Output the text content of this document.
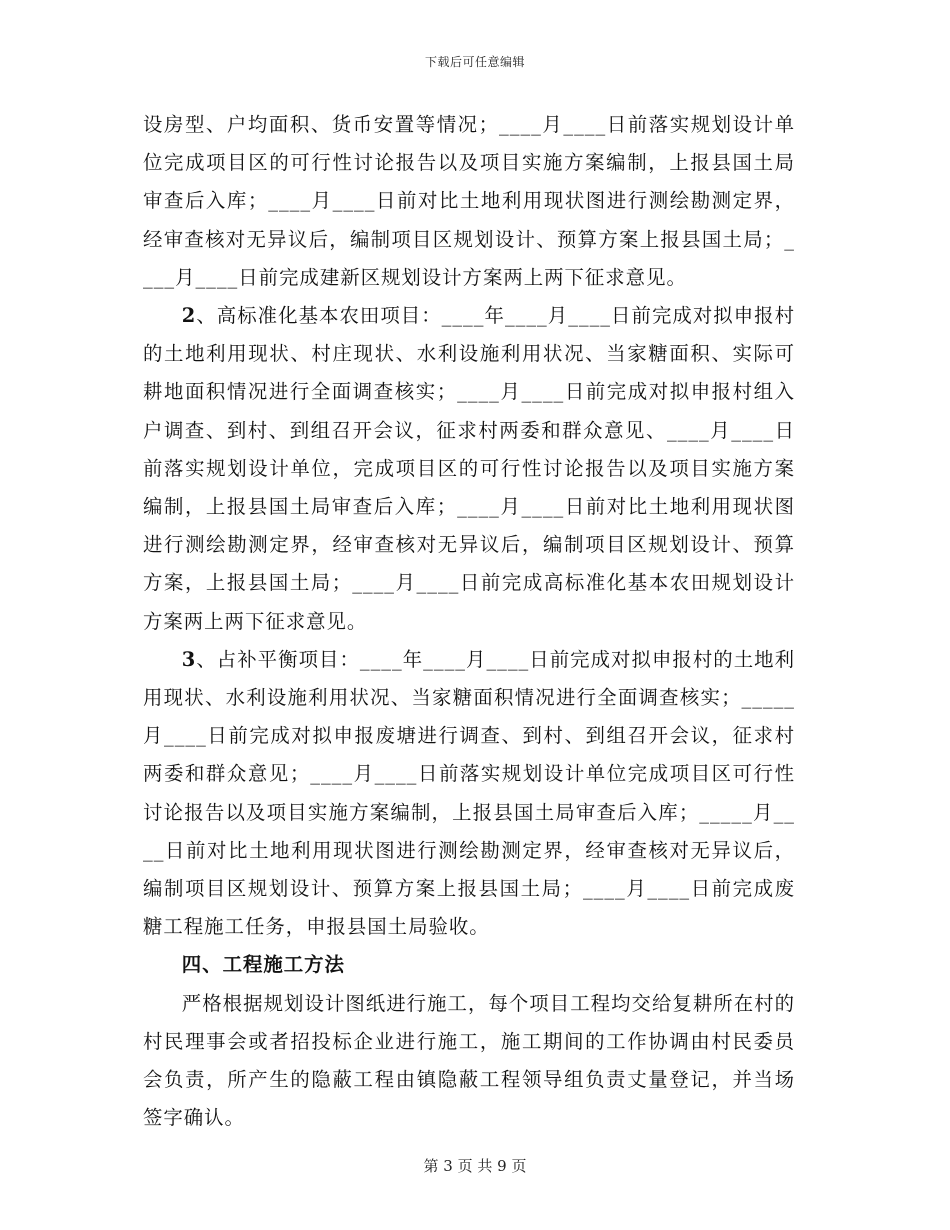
下载后可任意编辑

设房型、户均面积、货币安置等情况；____月____日前落实规划设计单位完成项目区的可行性讨论报告以及项目实施方案编制，上报县国土局审查后入库；____月____日前对比土地利用现状图进行测绘勘测定界，经审查核对无异议后，编制项目区规划设计、预算方案上报县国土局；____月____日前完成建新区规划设计方案两上两下征求意见。

2、高标准化基本农田项目：____年____月____日前完成对拟申报村的土地利用现状、村庄现状、水利设施利用状况、当家糖面积、实际可耕地面积情况进行全面调查核实；____月____日前完成对拟申报村组入户调查、到村、到组召开会议，征求村两委和群众意见、____月____日前落实规划设计单位，完成项目区的可行性讨论报告以及项目实施方案编制，上报县国土局审查后入库；____月____日前对比土地利用现状图进行测绘勘测定界，经审查核对无异议后，编制项目区规划设计、预算方案，上报县国土局；____月____日前完成高标准化基本农田规划设计方案两上两下征求意见。

3、占补平衡项目：____年____月____日前完成对拟申报村的土地利用现状、水利设施利用状况、当家糖面积情况进行全面调查核实；_____月____日前完成对拟申报废塘进行调查、到村、到组召开会议，征求村两委和群众意见；____月____日前落实规划设计单位完成项目区可行性讨论报告以及项目实施方案编制，上报县国土局审查后入库；_____月____日前对比土地利用现状图进行测绘勘测定界，经审查核对无异议后，编制项目区规划设计、预算方案上报县国土局；____月____日前完成废糖工程施工任务，申报县国土局验收。

四、工程施工方法

严格根据规划设计图纸进行施工，每个项目工程均交给复耕所在村的村民理事会或者招投标企业进行施工，施工期间的工作协调由村民委员会负责，所产生的隐蔽工程由镇隐蔽工程领导组负责丈量登记，并当场签字确认。

第 3 页 共 9 页
